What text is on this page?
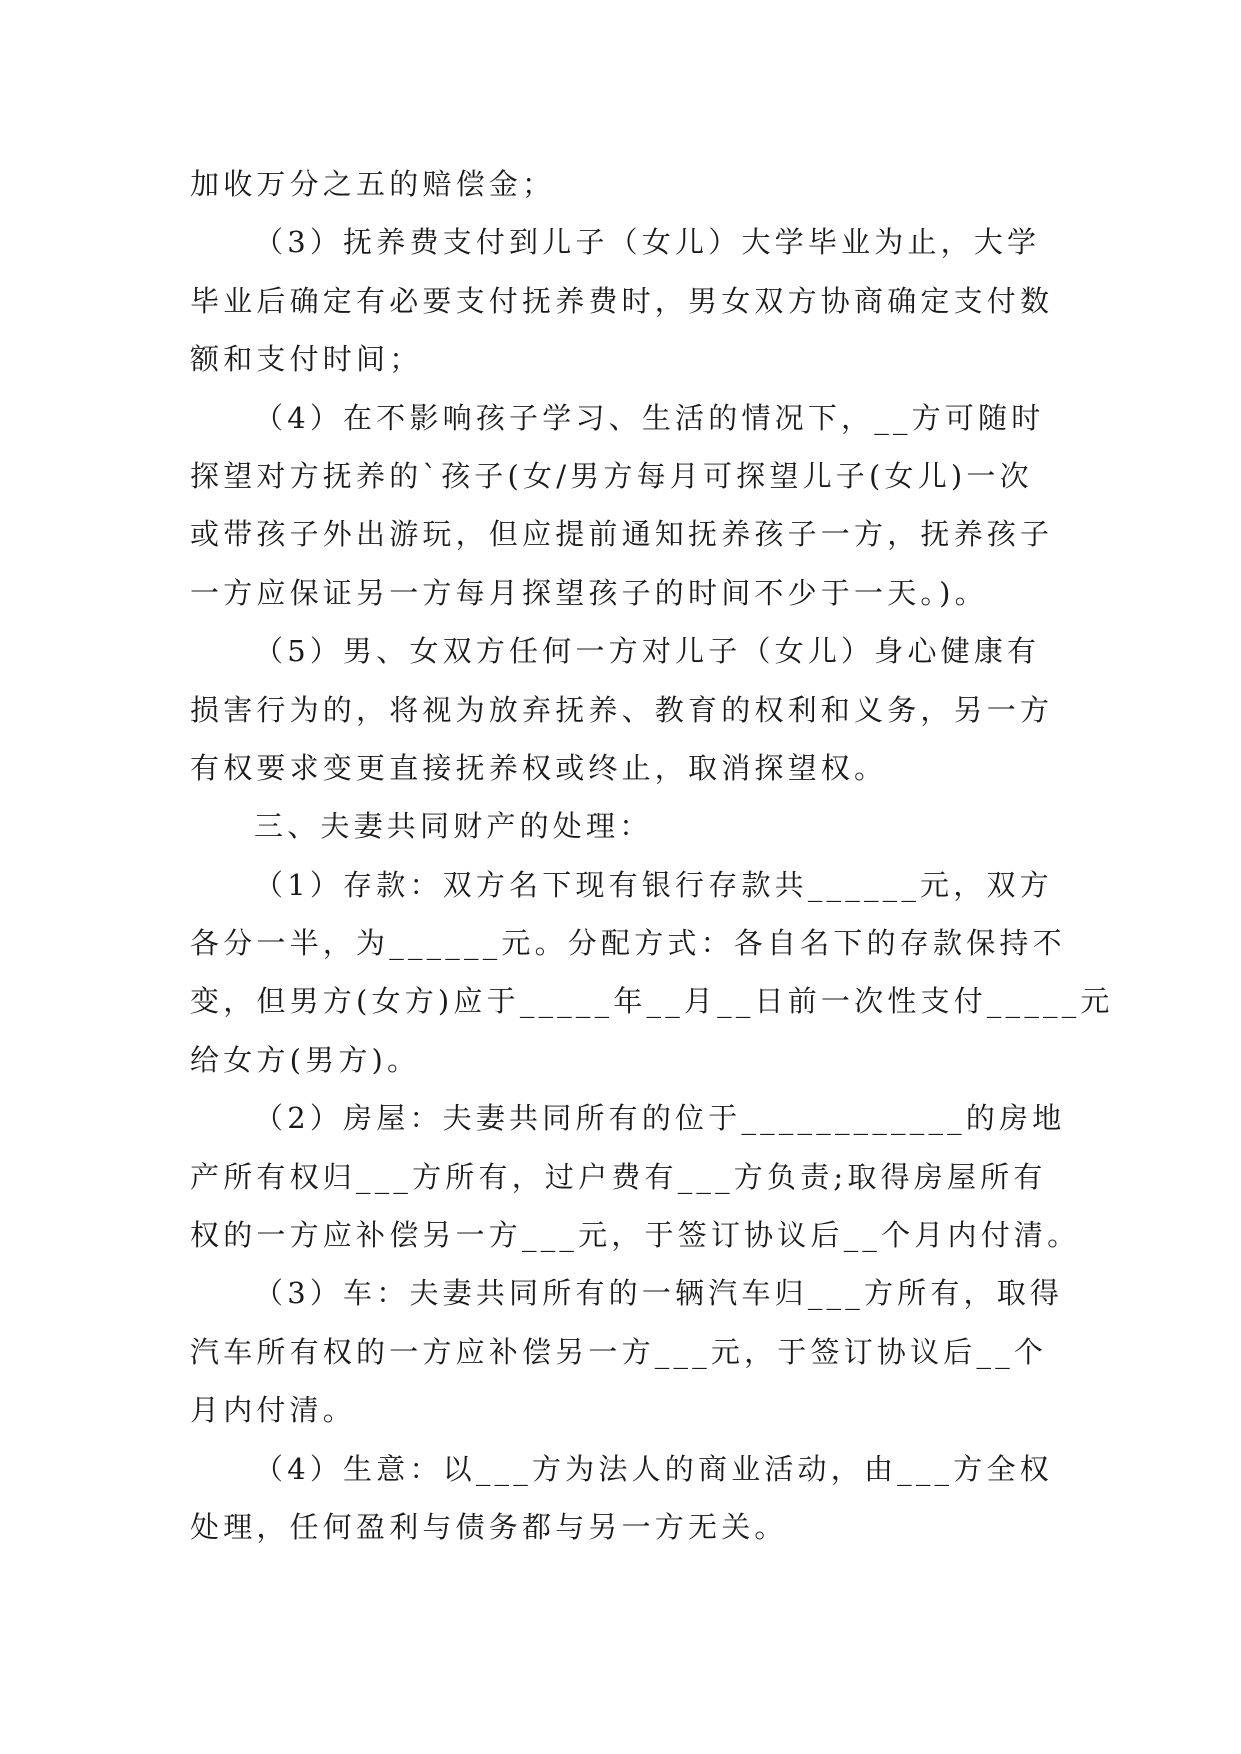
加收万分之五的赔偿金；
（3）抚养费支付到儿子（女儿）大学毕业为止，大学
毕业后确定有必要支付抚养费时，男女双方协商确定支付数
额和支付时间；
（4）在不影响孩子学习、生活的情况下，__方可随时
探望对方抚养的`孩子(女/男方每月可探望儿子(女儿)一次
或带孩子外出游玩，但应提前通知抚养孩子一方，抚养孩子
一方应保证另一方每月探望孩子的时间不少于一天。)。
（5）男、女双方任何一方对儿子（女儿）身心健康有
损害行为的，将视为放弃抚养、教育的权利和义务，另一方
有权要求变更直接抚养权或终止，取消探望权。
三、夫妻共同财产的处理：
（1）存款：双方名下现有银行存款共______元，双方
各分一半，为______元。分配方式：各自名下的存款保持不
变，但男方(女方)应于_____年__月__日前一次性支付_____元
给女方(男方)。
（2）房屋：夫妻共同所有的位于____________的房地
产所有权归___方所有，过户费有___方负责;取得房屋所有
权的一方应补偿另一方___元，于签订协议后__个月内付清。
（3）车：夫妻共同所有的一辆汽车归___方所有，取得
汽车所有权的一方应补偿另一方___元，于签订协议后__个
月内付清。
（4）生意：以___方为法人的商业活动，由___方全权
处理，任何盈利与债务都与另一方无关。
